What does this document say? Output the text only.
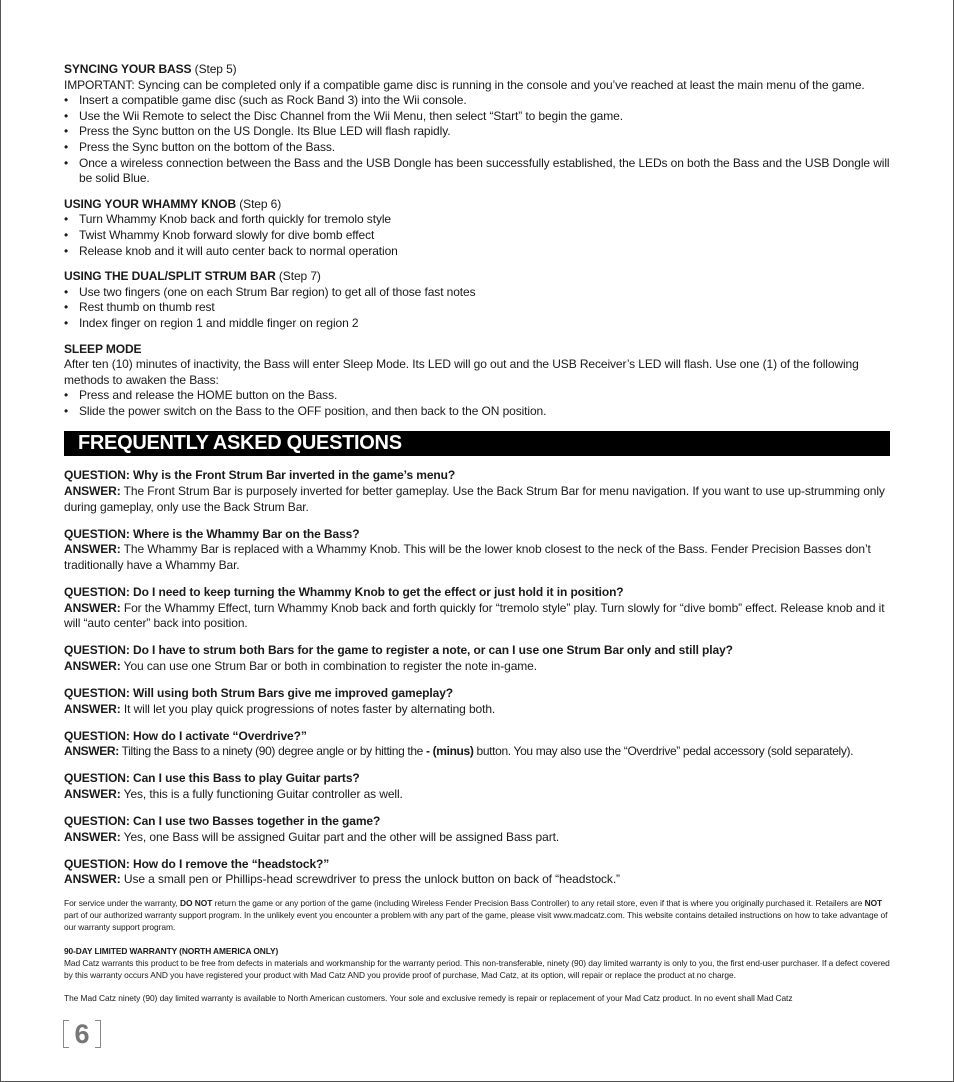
SYNCING YOUR BASS (Step 5)
IMPORTANT: Syncing can be completed only if a compatible game disc is running in the console and you’ve reached at least the main menu of the game.
• Insert a compatible game disc (such as Rock Band 3) into the Wii console.
• Use the Wii Remote to select the Disc Channel from the Wii Menu, then select “Start” to begin the game.
• Press the Sync button on the US Dongle. Its Blue LED will flash rapidly.
• Press the Sync button on the bottom of the Bass.
• Once a wireless connection between the Bass and the USB Dongle has been successfully established, the LEDs on both the Bass and the USB Dongle will be solid Blue.
USING YOUR WHAMMY KNOB (Step 6)
• Turn Whammy Knob back and forth quickly for tremolo style
• Twist Whammy Knob forward slowly for dive bomb effect
• Release knob and it will auto center back to normal operation
USING THE DUAL/SPLIT STRUM BAR (Step 7)
• Use two fingers (one on each Strum Bar region) to get all of those fast notes
• Rest thumb on thumb rest
• Index finger on region 1 and middle finger on region 2
SLEEP MODE
After ten (10) minutes of inactivity, the Bass will enter Sleep Mode. Its LED will go out and the USB Receiver’s LED will flash. Use one (1) of the following methods to awaken the Bass:
• Press and release the HOME button on the Bass.
• Slide the power switch on the Bass to the OFF position, and then back to the ON position.
FREQUENTLY ASKED QUESTIONS
QUESTION: Why is the Front Strum Bar inverted in the game’s menu?
ANSWER: The Front Strum Bar is purposely inverted for better gameplay. Use the Back Strum Bar for menu navigation. If you want to use up-strumming only during gameplay, only use the Back Strum Bar.
QUESTION: Where is the Whammy Bar on the Bass?
ANSWER: The Whammy Bar is replaced with a Whammy Knob. This will be the lower knob closest to the neck of the Bass. Fender Precision Basses don’t traditionally have a Whammy Bar.
QUESTION: Do I need to keep turning the Whammy Knob to get the effect or just hold it in position?
ANSWER: For the Whammy Effect, turn Whammy Knob back and forth quickly for “tremolo style” play. Turn slowly for “dive bomb” effect. Release knob and it will “auto center” back into position.
QUESTION: Do I have to strum both Bars for the game to register a note, or can I use one Strum Bar only and still play?
ANSWER: You can use one Strum Bar or both in combination to register the note in-game.
QUESTION: Will using both Strum Bars give me improved gameplay?
ANSWER: It will let you play quick progressions of notes faster by alternating both.
QUESTION: How do I activate “Overdrive?”
ANSWER: Tilting the Bass to a ninety (90) degree angle or by hitting the - (minus) button. You may also use the “Overdrive” pedal accessory (sold separately).
QUESTION: Can I use this Bass to play Guitar parts?
ANSWER: Yes, this is a fully functioning Guitar controller as well.
QUESTION: Can I use two Basses together in the game?
ANSWER: Yes, one Bass will be assigned Guitar part and the other will be assigned Bass part.
QUESTION: How do I remove the “headstock?”
ANSWER: Use a small pen or Phillips-head screwdriver to press the unlock button on back of “headstock.”
For service under the warranty, DO NOT return the game or any portion of the game (including Wireless Fender Precision Bass Controller) to any retail store, even if that is where you originally purchased it. Retailers are NOT part of our authorized warranty support program. In the unlikely event you encounter a problem with any part of the game, please visit www.madcatz.com. This website contains detailed instructions on how to take advantage of our warranty support program.
90-DAY LIMITED WARRANTY (NORTH AMERICA ONLY)
Mad Catz warrants this product to be free from defects in materials and workmanship for the warranty period. This non-transferable, ninety (90) day limited warranty is only to you, the first end-user purchaser. If a defect covered by this warranty occurs AND you have registered your product with Mad Catz AND you provide proof of purchase, Mad Catz, at its option, will repair or replace the product at no charge.
The Mad Catz ninety (90) day limited warranty is available to North American customers. Your sole and exclusive remedy is repair or replacement of your Mad Catz product. In no event shall Mad Catz
6
